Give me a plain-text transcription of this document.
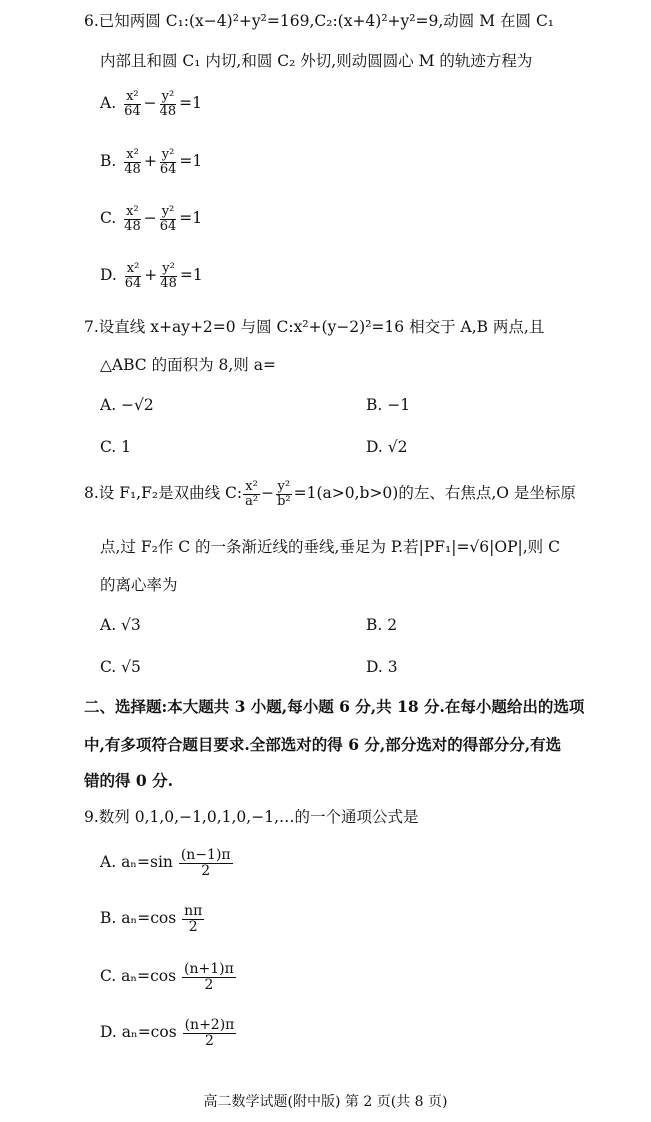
6.已知两圆 C₁:(x−4)²+y²=169,C₂:(x+4)²+y²=9,动圆 M 在圆 C₁
内部且和圆 C₁ 内切,和圆 C₂ 外切,则动圆圆心 M 的轨迹方程为
A. $\frac{\text{x²}}{64} - \frac{\text{y²}}{48} =1$
B. $\frac{\text{x²}}{48} + \frac{\text{y²}}{64} =1$
C. $\frac{\text{x²}}{48} - \frac{\text{y²}}{64} =1$
D. $\frac{\text{x²}}{64} + \frac{\text{y²}}{48} =1$
7.设直线 x+ay+2=0 与圆 C:x²+(y−2)²=16 相交于 A,B 两点,且
△ABC 的面积为 8,则 a=
A. −√2	B. −1
C. 1	D. √2
8.设 F₁,F₂是双曲线 C: $\frac{\text{x²}}{\text{a²}} - \frac{\text{y²}}{\text{b²}} =1(a>0,b>0)$的左、右焦点,O 是坐标原
点,过 F₂作 C 的一条渐近线的垂线,垂足为 P.若|PF₁|=√6|OP|,则 C
的离心率为
A. √3	B. 2
C. √5	D. 3
二、选择题:本大题共 3 小题,每小题 6 分,共 18 分.在每小题给出的选项
中,有多项符合题目要求.全部选对的得 6 分,部分选对的得部分分,有选
错的得 0 分.
9.数列 0,1,0,−1,0,1,0,−1,…的一个通项公式是
A. $a_n=\sin \frac{(n-1)\pi}{2}$
B. $a_n=\cos \frac{n\pi}{2}$
C. $a_n=\cos \frac{(n+1)\pi}{2}$
D. $a_n=\cos \frac{(n+2)\pi}{2}$
高二数学试题(附中版) 第 2 页(共 8 页)
